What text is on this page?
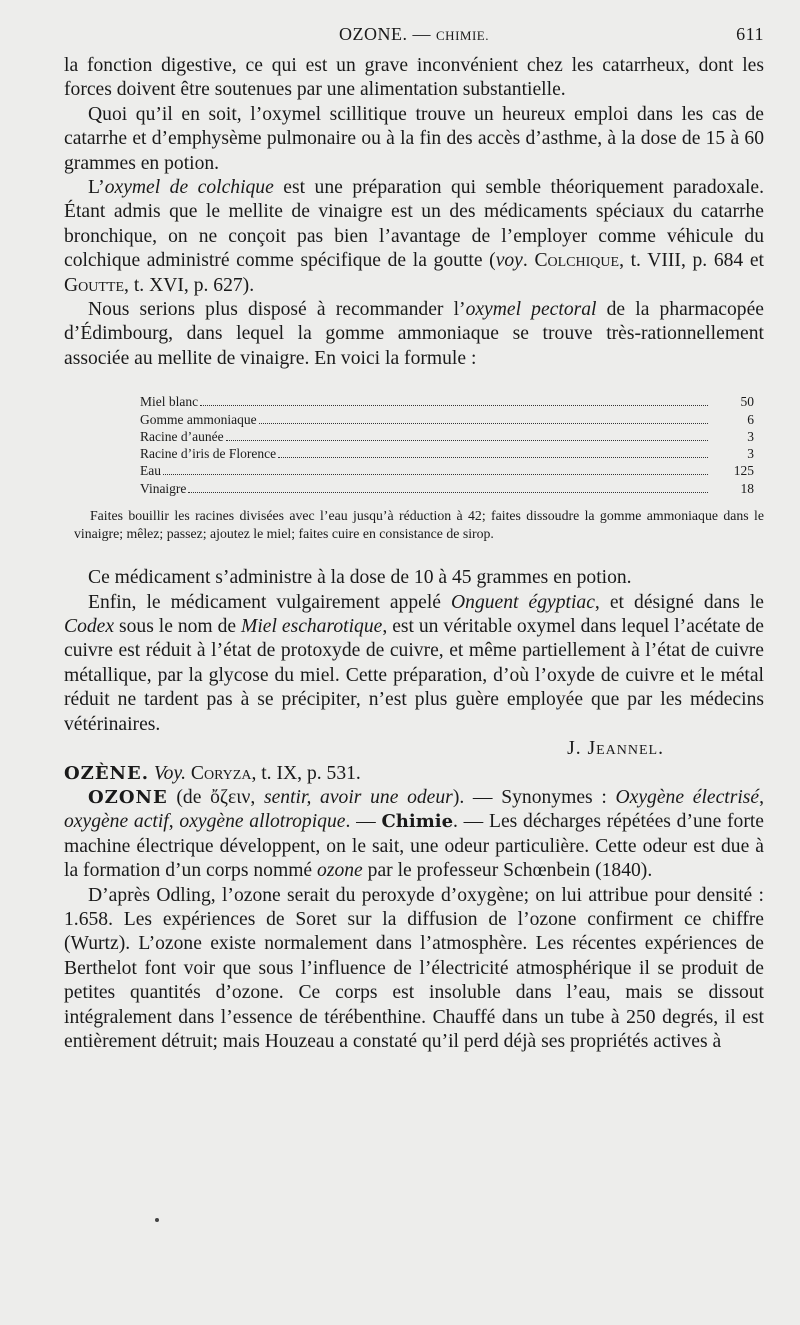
OZONE.
—
CHIMIE.	611

la fonction digestive, ce qui est un grave inconvénient chez les catarrheux, dont les forces doivent être soutenues par une alimentation substantielle.

Quoi qu’il en soit, l’oxymel scillitique trouve un heureux emploi dans les cas de catarrhe et d’emphysème pulmonaire ou à la fin des accès d’asthme, à la dose de 15 à 60 grammes en potion.

L’oxymel de colchique est une préparation qui semble théoriquement paradoxale. Étant admis que le mellite de vinaigre est un des médicaments spéciaux du catarrhe bronchique, on ne conçoit pas bien l’avantage de l’employer comme véhicule du colchique administré comme spécifique de la goutte (voy. Colchique, t. VIII, p. 684 et Goutte, t. XVI, p. 627).

Nous serions plus disposé à recommander l’oxymel pectoral de la pharmacopée d’Édimbourg, dans lequel la gomme ammoniaque se trouve très-rationnellement associée au mellite de vinaigre. En voici la formule :

Miel blanc	50
Gomme ammoniaque	6
Racine d’aunée	3
Racine d’iris de Florence	3
Eau	125
Vinaigre	18

Faites bouillir les racines divisées avec l’eau jusqu’à réduction à 42; faites dissoudre la gomme ammoniaque dans le vinaigre; mêlez; passez; ajoutez le miel; faites cuire en consistance de sirop.

Ce médicament s’administre à la dose de 10 à 45 grammes en potion.

Enfin, le médicament vulgairement appelé Onguent égyptiac, et désigné dans le Codex sous le nom de Miel escharotique, est un véritable oxymel dans lequel l’acétate de cuivre est réduit à l’état de protoxyde de cuivre, et même partiellement à l’état de cuivre métallique, par la glycose du miel. Cette préparation, d’où l’oxyde de cuivre et le métal réduit ne tardent pas à se précipiter, n’est plus guère employée que par les médecins vétérinaires.

J. Jeannel.

OZÈNE. Voy. Coryza, t. IX, p. 531.

OZONE (de ὄζειν, sentir, avoir une odeur). — Synonymes : Oxygène électrisé, oxygène actif, oxygène allotropique. — Chimie. — Les décharges répétées d’une forte machine électrique développent, on le sait, une odeur particulière. Cette odeur est due à la formation d’un corps nommé ozone par le professeur Schœnbein (1840).

D’après Odling, l’ozone serait du peroxyde d’oxygène; on lui attribue pour densité : 1.658. Les expériences de Soret sur la diffusion de l’ozone confirment ce chiffre (Wurtz). L’ozone existe normalement dans l’atmosphère. Les récentes expériences de Berthelot font voir que sous l’influence de l’électricité atmosphérique il se produit de petites quantités d’ozone. Ce corps est insoluble dans l’eau, mais se dissout intégralement dans l’essence de térébenthine. Chauffé dans un tube à 250 degrés, il est entièrement détruit; mais Houzeau a constaté qu’il perd déjà ses propriétés actives à
